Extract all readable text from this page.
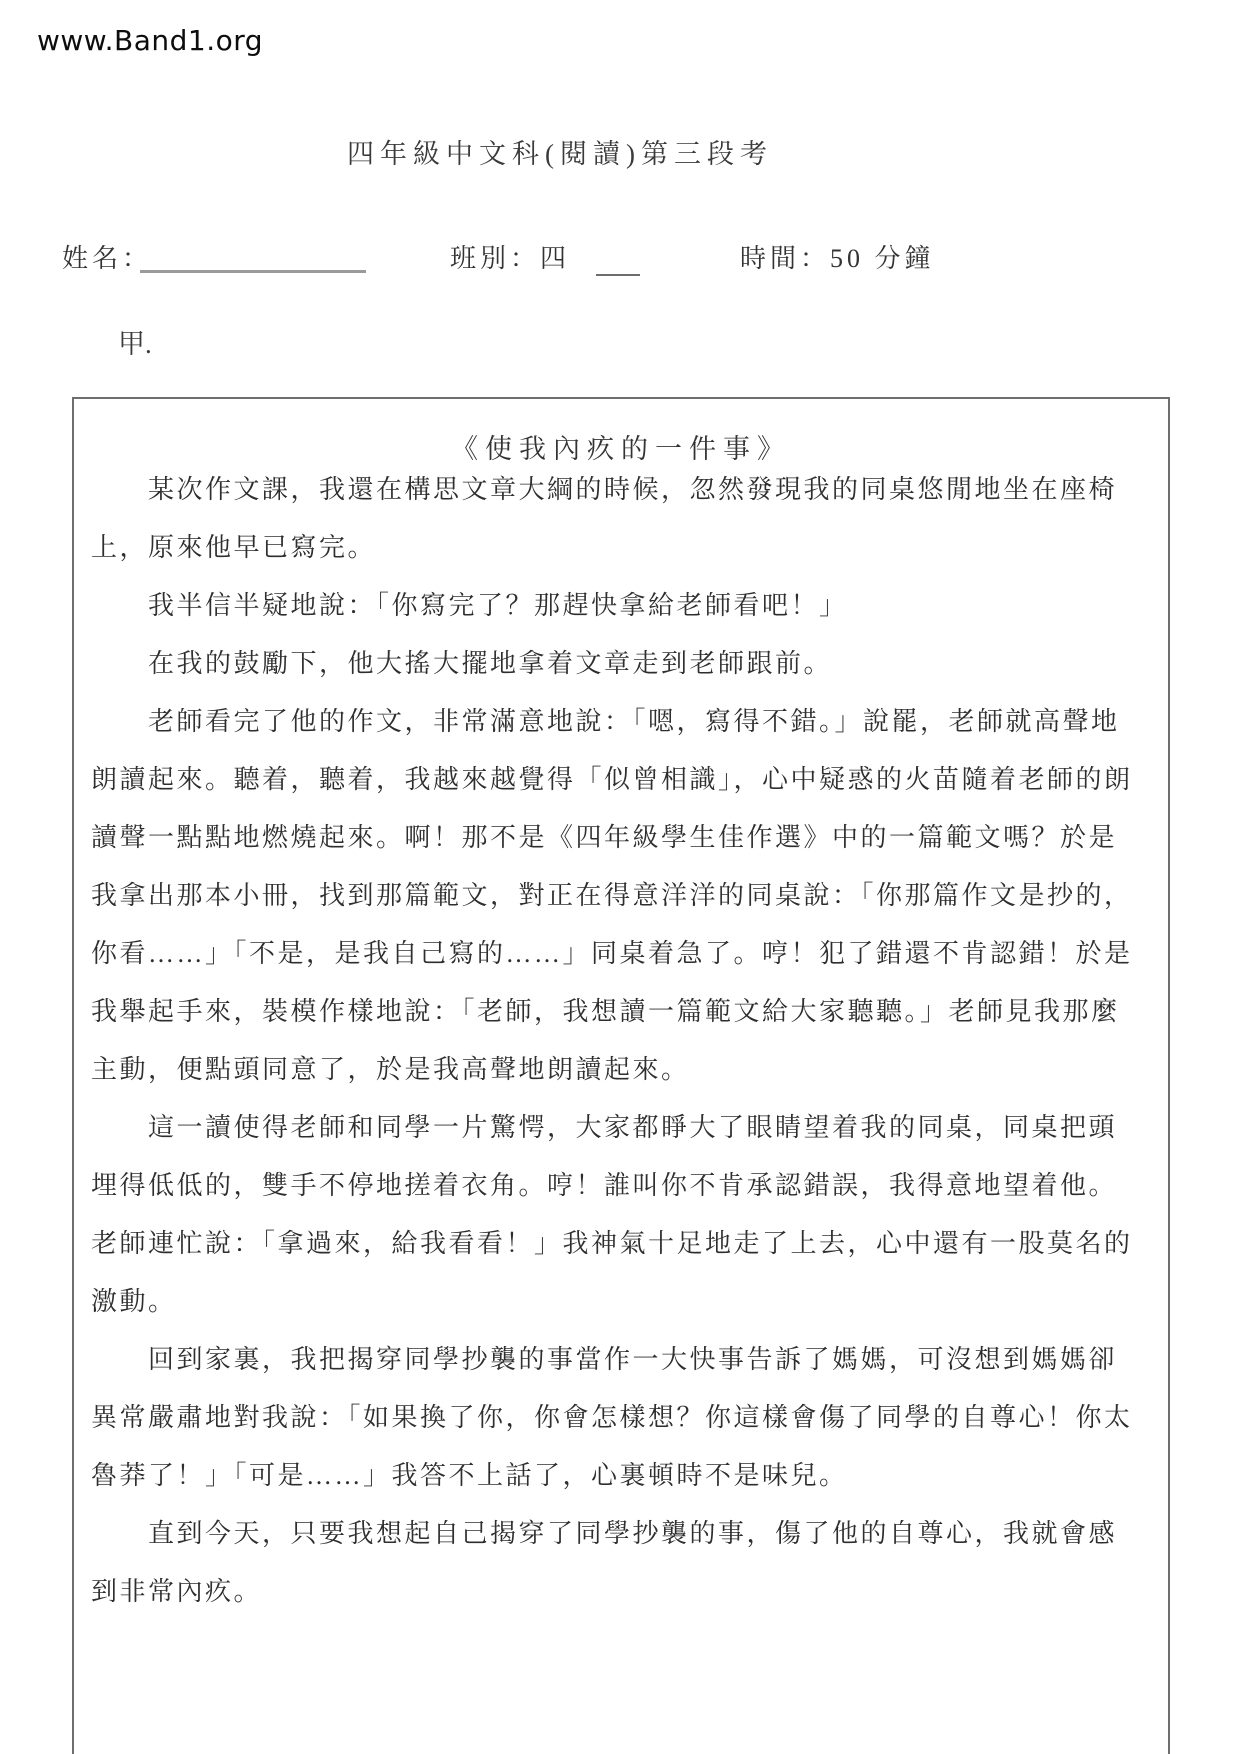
www.Band1.org
四年級中文科(閱讀)第三段考
姓名：	班別：四	時間：50 分鐘
甲.
《使我內疚的一件事》
　　某次作文課，我還在構思文章大綱的時候，忽然發現我的同桌悠閒地坐在座椅
上，原來他早已寫完。
　　我半信半疑地說：「你寫完了？那趕快拿給老師看吧！」
　　在我的鼓勵下，他大搖大擺地拿着文章走到老師跟前。
　　老師看完了他的作文，非常滿意地說：「嗯，寫得不錯。」說罷，老師就高聲地
朗讀起來。聽着，聽着，我越來越覺得「似曾相識」，心中疑惑的火苗隨着老師的朗
讀聲一點點地燃燒起來。啊！那不是《四年級學生佳作選》中的一篇範文嗎？於是
我拿出那本小冊，找到那篇範文，對正在得意洋洋的同桌說：「你那篇作文是抄的，
你看……」「不是，是我自己寫的……」同桌着急了。哼！犯了錯還不肯認錯！於是
我舉起手來，裝模作樣地說：「老師，我想讀一篇範文給大家聽聽。」老師見我那麼
主動，便點頭同意了，於是我高聲地朗讀起來。
　　這一讀使得老師和同學一片驚愕，大家都睜大了眼睛望着我的同桌，同桌把頭
埋得低低的，雙手不停地搓着衣角。哼！誰叫你不肯承認錯誤，我得意地望着他。
老師連忙說：「拿過來，給我看看！」我神氣十足地走了上去，心中還有一股莫名的
激動。
　　回到家裏，我把揭穿同學抄襲的事當作一大快事告訴了媽媽，可沒想到媽媽卻
異常嚴肅地對我說：「如果換了你，你會怎樣想？你這樣會傷了同學的自尊心！你太
魯莽了！」「可是……」我答不上話了，心裏頓時不是味兒。
　　直到今天，只要我想起自己揭穿了同學抄襲的事，傷了他的自尊心，我就會感
到非常內疚。
